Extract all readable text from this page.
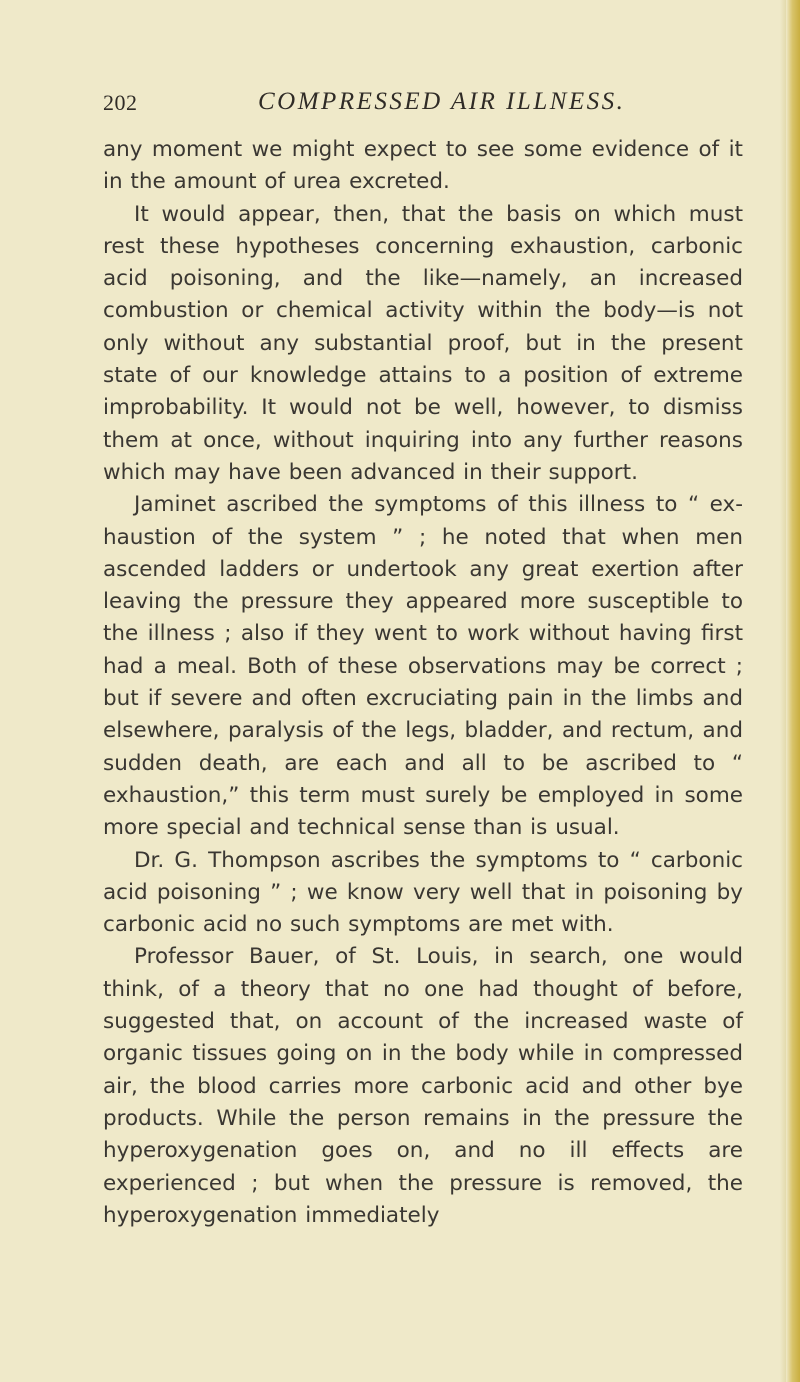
202	COMPRESSED AIR ILLNESS.

any moment we might expect to see some evidence of it in the amount of urea excreted.

It would appear, then, that the basis on which must rest these hypotheses concerning exhaustion, carbonic acid poisoning, and the like—namely, an increased combustion or chemical activity within the body—is not only without any substantial proof, but in the present state of our knowledge attains to a position of extreme improbability. It would not be well, however, to dismiss them at once, without inquiring into any further reasons which may have been advanced in their support.

Jaminet ascribed the symptoms of this illness to “ ex-haustion of the system ” ; he noted that when men ascended ladders or undertook any great exertion after leaving the pressure they appeared more susceptible to the illness ; also if they went to work without having first had a meal. Both of these observations may be correct ; but if severe and often excruciating pain in the limbs and elsewhere, paralysis of the legs, bladder, and rectum, and sudden death, are each and all to be ascribed to “ exhaustion,” this term must surely be employed in some more special and technical sense than is usual.

Dr. G. Thompson ascribes the symptoms to “ carbonic acid poisoning ” ; we know very well that in poisoning by carbonic acid no such symptoms are met with.

Professor Bauer, of St. Louis, in search, one would think, of a theory that no one had thought of before, suggested that, on account of the increased waste of organic tissues going on in the body while in compressed air, the blood carries more carbonic acid and other bye products. While the person remains in the pressure the hyperoxygenation goes on, and no ill effects are experienced ; but when the pressure is removed, the hyperoxygenation immediately
